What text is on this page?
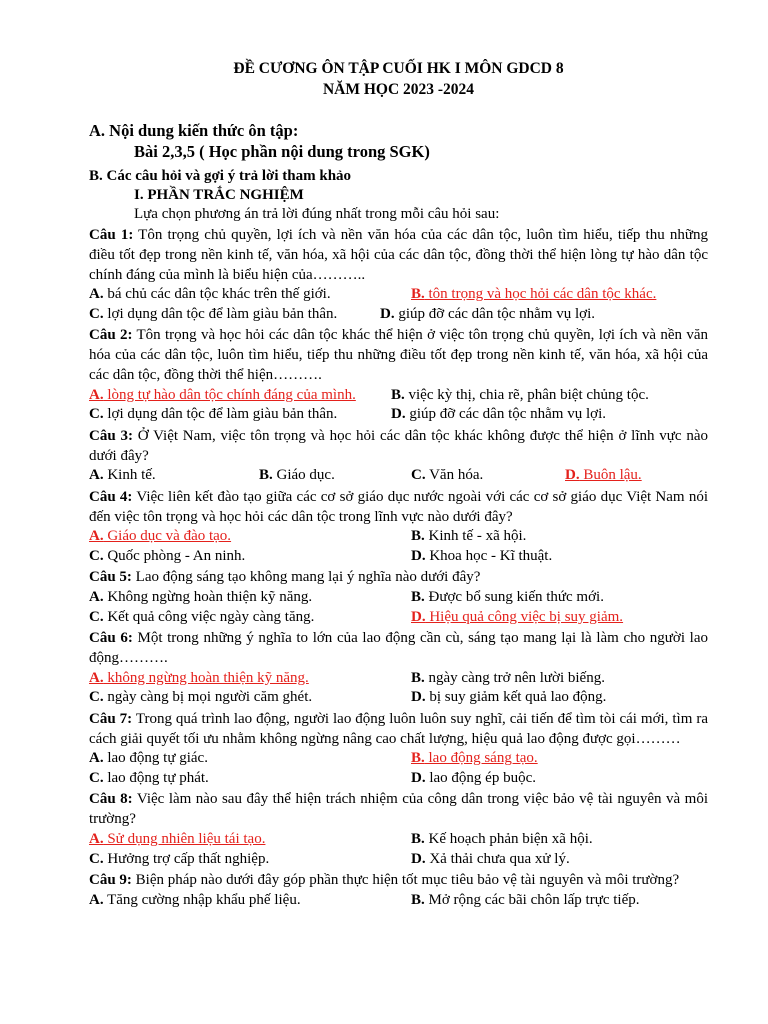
ĐỀ CƯƠNG ÔN TẬP CUỐI HK I MÔN GDCD 8
NĂM HỌC 2023 -2024
A. Nội dung kiến thức ôn tập:
Bài 2,3,5 ( Học phần nội dung trong SGK)
B. Các câu hỏi và gợi ý trả lời tham khảo
I. PHẦN TRẮC NGHIỆM
Lựa chọn phương án trả lời đúng nhất trong mỗi câu hỏi sau:
Câu 1: Tôn trọng chủ quyền, lợi ích và nền văn hóa của các dân tộc, luôn tìm hiểu, tiếp thu những điều tốt đẹp trong nền kinh tế, văn hóa, xã hội của các dân tộc, đồng thời thể hiện lòng tự hào dân tộc chính đáng của mình là biểu hiện của………..
A. bá chủ các dân tộc khác trên thế giới.	B. tôn trọng và học hỏi các dân tộc khác.
C. lợi dụng dân tộc để làm giàu bản thân.	D. giúp đỡ các dân tộc nhằm vụ lợi.
Câu 2: Tôn trọng và học hỏi các dân tộc khác thể hiện ở việc tôn trọng chủ quyền, lợi ích và nền văn hóa của các dân tộc, luôn tìm hiểu, tiếp thu những điều tốt đẹp trong nền kinh tế, văn hóa, xã hội của các dân tộc, đồng thời thể hiện……….
A. lòng tự hào dân tộc chính đáng của mình.	B. việc kỳ thị, chia rẽ, phân biệt chủng tộc.
C. lợi dụng dân tộc để làm giàu bản thân.	D. giúp đỡ các dân tộc nhằm vụ lợi.
Câu 3: Ở Việt Nam, việc tôn trọng và học hỏi các dân tộc khác không được thể hiện ở lĩnh vực nào dưới đây?
A. Kinh tế.	B. Giáo dục.	C. Văn hóa.	D. Buôn lậu.
Câu 4: Việc liên kết đào tạo giữa các cơ sở giáo dục nước ngoài với các cơ sở giáo dục Việt Nam nói đến việc tôn trọng và học hỏi các dân tộc trong lĩnh vực nào dưới đây?
A. Giáo dục và đào tạo.	B. Kinh tế - xã hội.
C. Quốc phòng - An ninh.	D. Khoa học - Kĩ thuật.
Câu 5: Lao động sáng tạo không mang lại ý nghĩa nào dưới đây?
A. Không ngừng hoàn thiện kỹ năng.	B. Được bổ sung kiến thức mới.
C. Kết quả công việc ngày càng tăng.	D. Hiệu quả công việc bị suy giảm.
Câu 6: Một trong những ý nghĩa to lớn của lao động cần cù, sáng tạo mang lại là làm cho người lao động……….
A. không ngừng hoàn thiện kỹ năng.	B. ngày càng trở nên lười biếng.
C. ngày càng bị mọi người căm ghét.	D. bị suy giảm kết quả lao động.
Câu 7: Trong quá trình lao động, người lao động luôn luôn suy nghĩ, cải tiến để tìm tòi cái mới, tìm ra cách giải quyết tối ưu nhằm không ngừng nâng cao chất lượng, hiệu quả lao động được gọi………
A. lao động tự giác.	B. lao động sáng tạo.
C. lao động tự phát.	D. lao động ép buộc.
Câu 8: Việc làm nào sau đây thể hiện trách nhiệm của công dân trong việc bảo vệ tài nguyên và môi trường?
A. Sử dụng nhiên liệu tái tạo.	B. Kế hoạch phản biện xã hội.
C. Hưởng trợ cấp thất nghiệp.	D. Xả thải chưa qua xử lý.
Câu 9: Biện pháp nào dưới đây góp phần thực hiện tốt mục tiêu bảo vệ tài nguyên và môi trường?
A. Tăng cường nhập khẩu phế liệu.	B. Mở rộng các bãi chôn lấp trực tiếp.
